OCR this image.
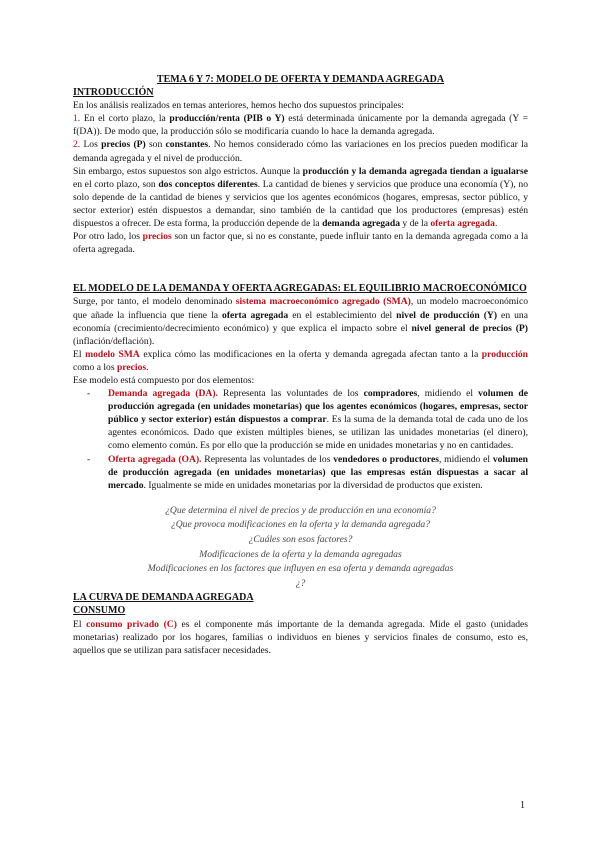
TEMA 6 Y 7: MODELO DE OFERTA Y DEMANDA AGREGADA

INTRODUCCIÓN

En los análisis realizados en temas anteriores, hemos hecho dos supuestos principales:

1. En el corto plazo, la producción/renta (PIB o Y) está determinada únicamente por la demanda agregada (Y = f(DA)). De modo que, la producción sólo se modificaría cuando lo hace la demanda agregada.

2. Los precios (P) son constantes. No hemos considerado cómo las variaciones en los precios pueden modificar la demanda agregada y el nivel de producción.

Sin embargo, estos supuestos son algo estrictos. Aunque la producción y la demanda agregada tiendan a igualarse en el corto plazo, son dos conceptos diferentes. La cantidad de bienes y servicios que produce una economía (Y), no solo depende de la cantidad de bienes y servicios que los agentes económicos (hogares, empresas, sector público, y sector exterior) estén dispuestos a demandar, sino también de la cantidad que los productores (empresas) estén dispuestos a ofrecer. De esta forma, la producción depende de la demanda agregada y de la oferta agregada.

Por otro lado, los precios son un factor que, si no es constante, puede influir tanto en la demanda agregada como a la oferta agregada.

EL MODELO DE LA DEMANDA Y OFERTA AGREGADAS: EL EQUILIBRIO MACROECONÓMICO

Surge, por tanto, el modelo denominado sistema macroeconómico agregado (SMA), un modelo macroeconómico que añade la influencia que tiene la oferta agregada en el establecimiento del nivel de producción (Y) en una economía (crecimiento/decrecimiento económico) y que explica el impacto sobre el nivel general de precios (P) (inflación/deflación).

El modelo SMA explica cómo las modificaciones en la oferta y demanda agregada afectan tanto a la producción como a los precios.

Ese modelo está compuesto por dos elementos:

- Demanda agregada (DA). Representa las voluntades de los compradores, midiendo el volumen de producción agregada (en unidades monetarias) que los agentes económicos (hogares, empresas, sector público y sector exterior) están dispuestos a comprar. Es la suma de la demanda total de cada uno de los agentes económicos. Dado que existen múltiples bienes, se utilizan las unidades monetarias (el dinero), como elemento común. Es por ello que la producción se mide en unidades monetarias y no en cantidades.
- Oferta agregada (OA). Representa las voluntades de los vendedores o productores, midiendo el volumen de producción agregada (en unidades monetarias) que las empresas están dispuestas a sacar al mercado. Igualmente se mide en unidades monetarias por la diversidad de productos que existen.
¿Que determina el nivel de precios y de producción en una economía?
¿Que provoca modificaciones en la oferta y la demanda agregada?
¿Cuáles son esos factores?
Modificaciones de la oferta y la demanda agregadas
Modificaciones en los factores que influyen en esa oferta y demanda agregadas
¿?

LA CURVA DE DEMANDA AGREGADA

CONSUMO

El consumo privado (C) es el componente más importante de la demanda agregada. Mide el gasto (unidades monetarias) realizado por los hogares, familias o individuos en bienes y servicios finales de consumo, esto es, aquellos que se utilizan para satisfacer necesidades.

1
